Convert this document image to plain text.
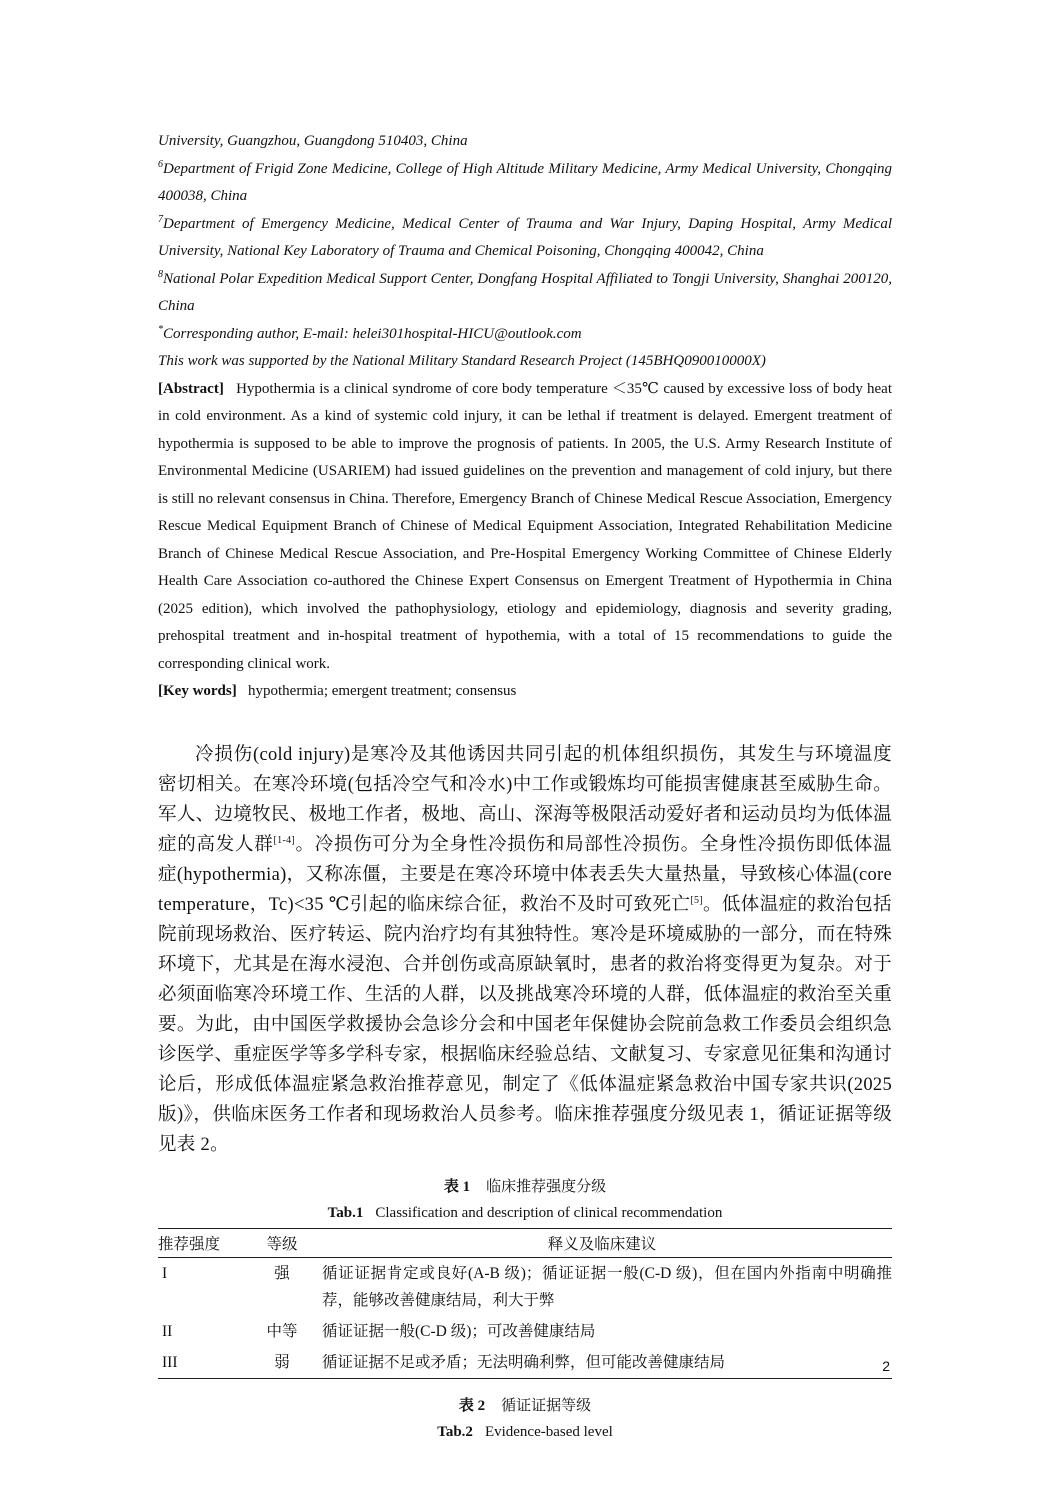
University, Guangzhou, Guangdong 510403, China

$^6$Department of Frigid Zone Medicine, College of High Altitude Military Medicine, Army Medical University, Chongqing 400038, China

$^7$Department of Emergency Medicine, Medical Center of Trauma and War Injury, Daping Hospital, Army Medical University, National Key Laboratory of Trauma and Chemical Poisoning, Chongqing 400042, China

$^8$National Polar Expedition Medical Support Center, Dongfang Hospital Affiliated to Tongji University, Shanghai 200120, China

*Corresponding author, E-mail: helei301hospital-HICU@outlook.com

This work was supported by the National Military Standard Research Project (145BHQ090010000X)

[Abstract] Hypothermia is a clinical syndrome of core body temperature ＜35℃ caused by excessive loss of body heat in cold environment. As a kind of systemic cold injury, it can be lethal if treatment is delayed. Emergent treatment of hypothermia is supposed to be able to improve the prognosis of patients. In 2005, the U.S. Army Research Institute of Environmental Medicine (USARIEM) had issued guidelines on the prevention and management of cold injury, but there is still no relevant consensus in China. Therefore, Emergency Branch of Chinese Medical Rescue Association, Emergency Rescue Medical Equipment Branch of Chinese of Medical Equipment Association, Integrated Rehabilitation Medicine Branch of Chinese Medical Rescue Association, and Pre-Hospital Emergency Working Committee of Chinese Elderly Health Care Association co-authored the Chinese Expert Consensus on Emergent Treatment of Hypothermia in China (2025 edition), which involved the pathophysiology, etiology and epidemiology, diagnosis and severity grading, prehospital treatment and in-hospital treatment of hypothemia, with a total of 15 recommendations to guide the corresponding clinical work.

[Key words] hypothermia; emergent treatment; consensus

冷损伤(cold injury)是寒冷及其他诱因共同引起的机体组织损伤，其发生与环境温度密切相关。在寒冷环境(包括冷空气和冷水)中工作或锻炼均可能损害健康甚至威胁生命。军人、边境牧民、极地工作者，极地、高山、深海等极限活动爱好者和运动员均为低体温症的高发人群[1-4]。冷损伤可分为全身性冷损伤和局部性冷损伤。全身性冷损伤即低体温症(hypothermia)，又称冻僵，主要是在寒冷环境中体表丢失大量热量，导致核心体温(core temperature，Tc)<35 ℃引起的临床综合征，救治不及时可致死亡[5]。低体温症的救治包括院前现场救治、医疗转运、院内治疗均有其独特性。寒冷是环境威胁的一部分，而在特殊环境下，尤其是在海水浸泡、合并创伤或高原缺氧时，患者的救治将变得更为复杂。对于必须面临寒冷环境工作、生活的人群，以及挑战寒冷环境的人群，低体温症的救治至关重要。为此，由中国医学救援协会急诊分会和中国老年保健协会院前急救工作委员会组织急诊医学、重症医学等多学科专家，根据临床经验总结、文献复习、专家意见征集和沟通讨论后，形成低体温症紧急救治推荐意见，制定了《低体温症紧急救治中国专家共识(2025 版)》，供临床医务工作者和现场救治人员参考。临床推荐强度分级见表 1，循证证据等级见表 2。

表 1 临床推荐强度分级
Tab.1 Classification and description of clinical recommendation
推荐强度	等级	释义及临床建议
I	强	循证证据肯定或良好(A-B 级)；循证证据一般(C-D 级)，但在国内外指南中明确推荐，能够改善健康结局，利大于弊
II	中等	循证证据一般(C-D 级)；可改善健康结局
III	弱	循证证据不足或矛盾；无法明确利弊，但可能改善健康结局
表 2 循证证据等级
Tab.2 Evidence-based level
2
